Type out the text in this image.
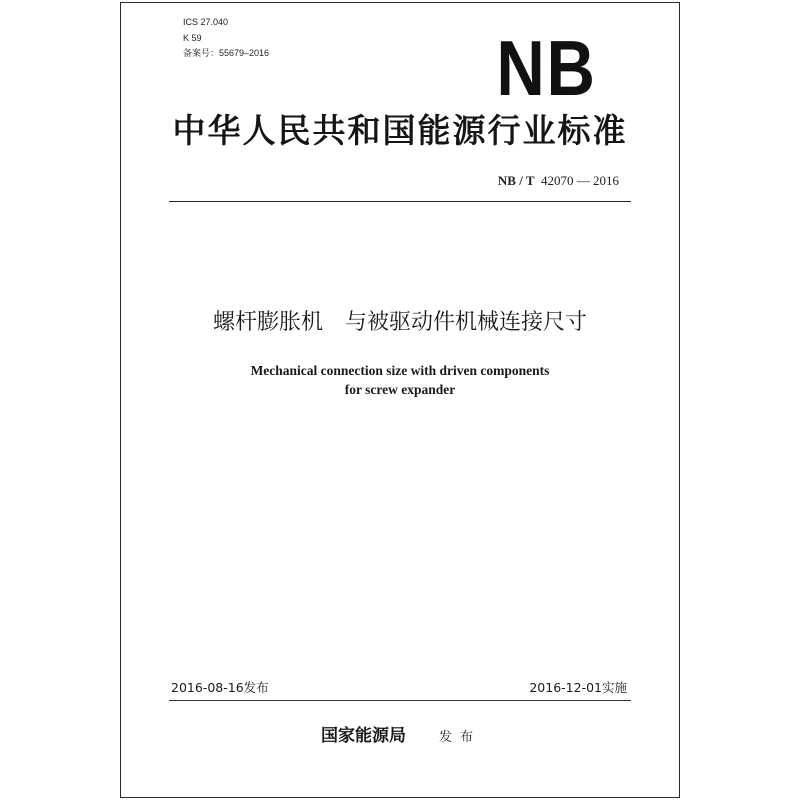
ICS 27.040
K 59
备案号：55679–2016	NB
中华人民共和国能源行业标准
NB / T 42070 — 2016
螺杆膨胀机　与被驱动件机械连接尺寸
Mechanical connection size with driven components
for screw expander
2016-08-16发布	2016-12-01实施
国家能源局	发布
